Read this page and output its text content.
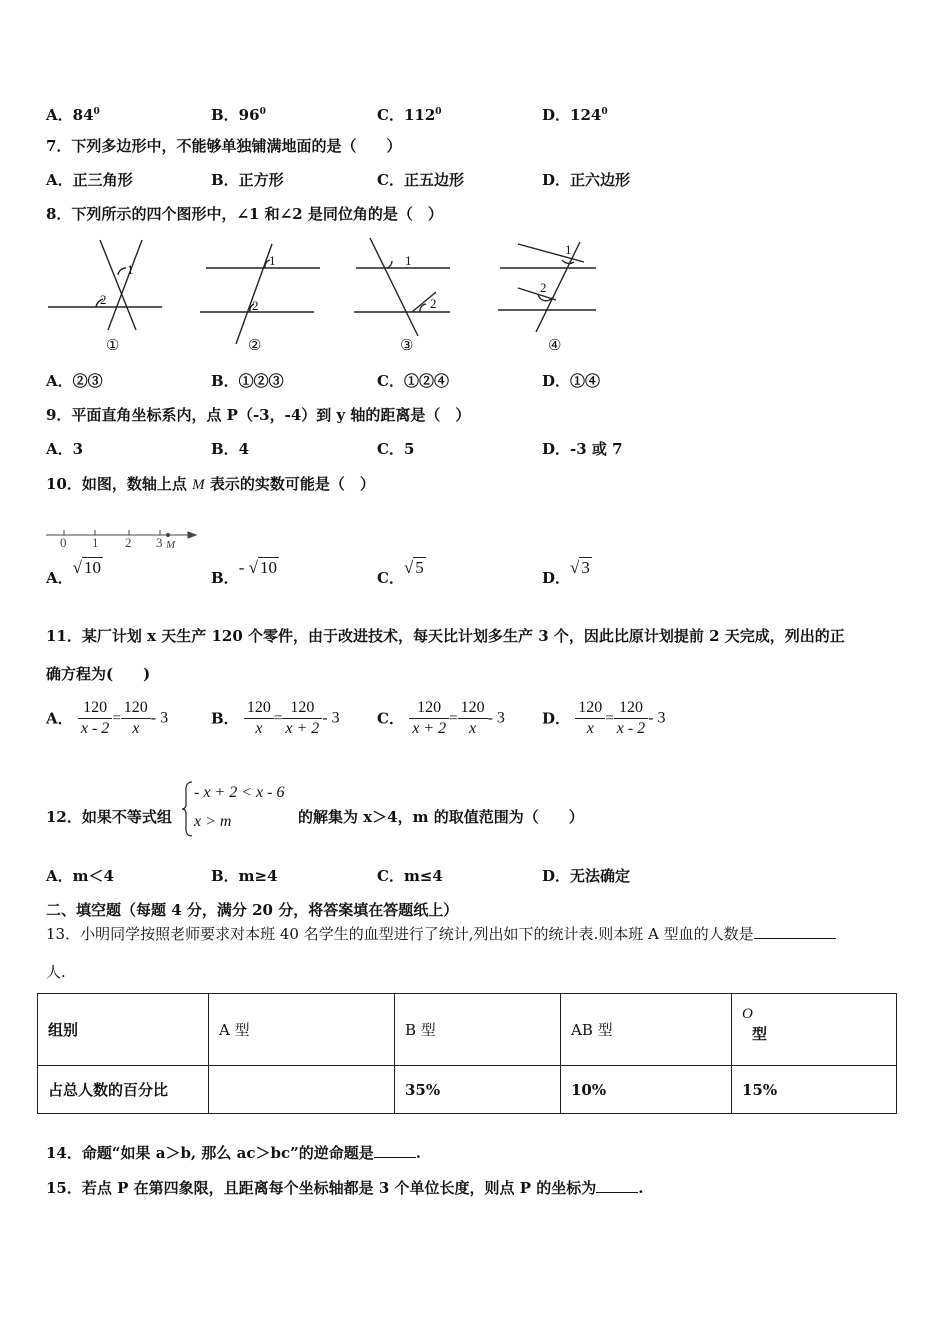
A．$84^0$	B．$96^0$	C．$112^0$	D．$124^0$
7．下列多边形中，不能够单独铺满地面的是（　　）
A．正三角形	B．正方形	C．正五边形	D．正六边形
8．下列所示的四个图形中，∠1 和∠2 是同位角的是（　）
1
2
1
2
1
2
1
2
①	②	③	④
A．②③	B．①②③	C．①②④	D．①④
9．平面直角坐标系内，点 P（-3，-4）到 y 轴的距离是（　）
A．3	B．4	C．5	D．-3 或 7
10．如图，数轴上点 M 表示的实数可能是（　）
0 1 2 3 M
A．√ 10
B．- √ 10
C．√ 5
D．√ 3
11．某厂计划 x 天生产 120 个零件，由于改进技术，每天比计划多生产 3 个，因此比原计划提前 2 天完成，列出的正
确方程为(　　)
A． $\frac{120}{x - 2} = \frac{120}{x} - 3$	B． $\frac{120}{x} = \frac{120}{x + 2} - 3$ C． $\frac{120}{x + 2} = \frac{120}{x} - 3$ D． $\frac{120}{x} = \frac{120}{x - 2} - 3$
12．如果不等式组
- x + 2 < x - 6
x > m	的解集为 x＞4，m 的取值范围为（　　）
A．m＜4	B．m≥4	C．m≤4	D．无法确定
二、填空题（每题 4 分，满分 20 分，将答案填在答题纸上）
13．小明同学按照老师要求对本班 40 名学生的血型进行了统计,列出如下的统计表.则本班 A 型血的人数是
人.
组别	A 型	B 型	AB 型	O
型

占总人数的百分比		35%	10%	15%
14．命题“如果 a＞b, 那么 ac＞bc”的逆命题是	.
15．若点 P 在第四象限，且距离每个坐标轴都是 3 个单位长度，则点 P 的坐标为	.
